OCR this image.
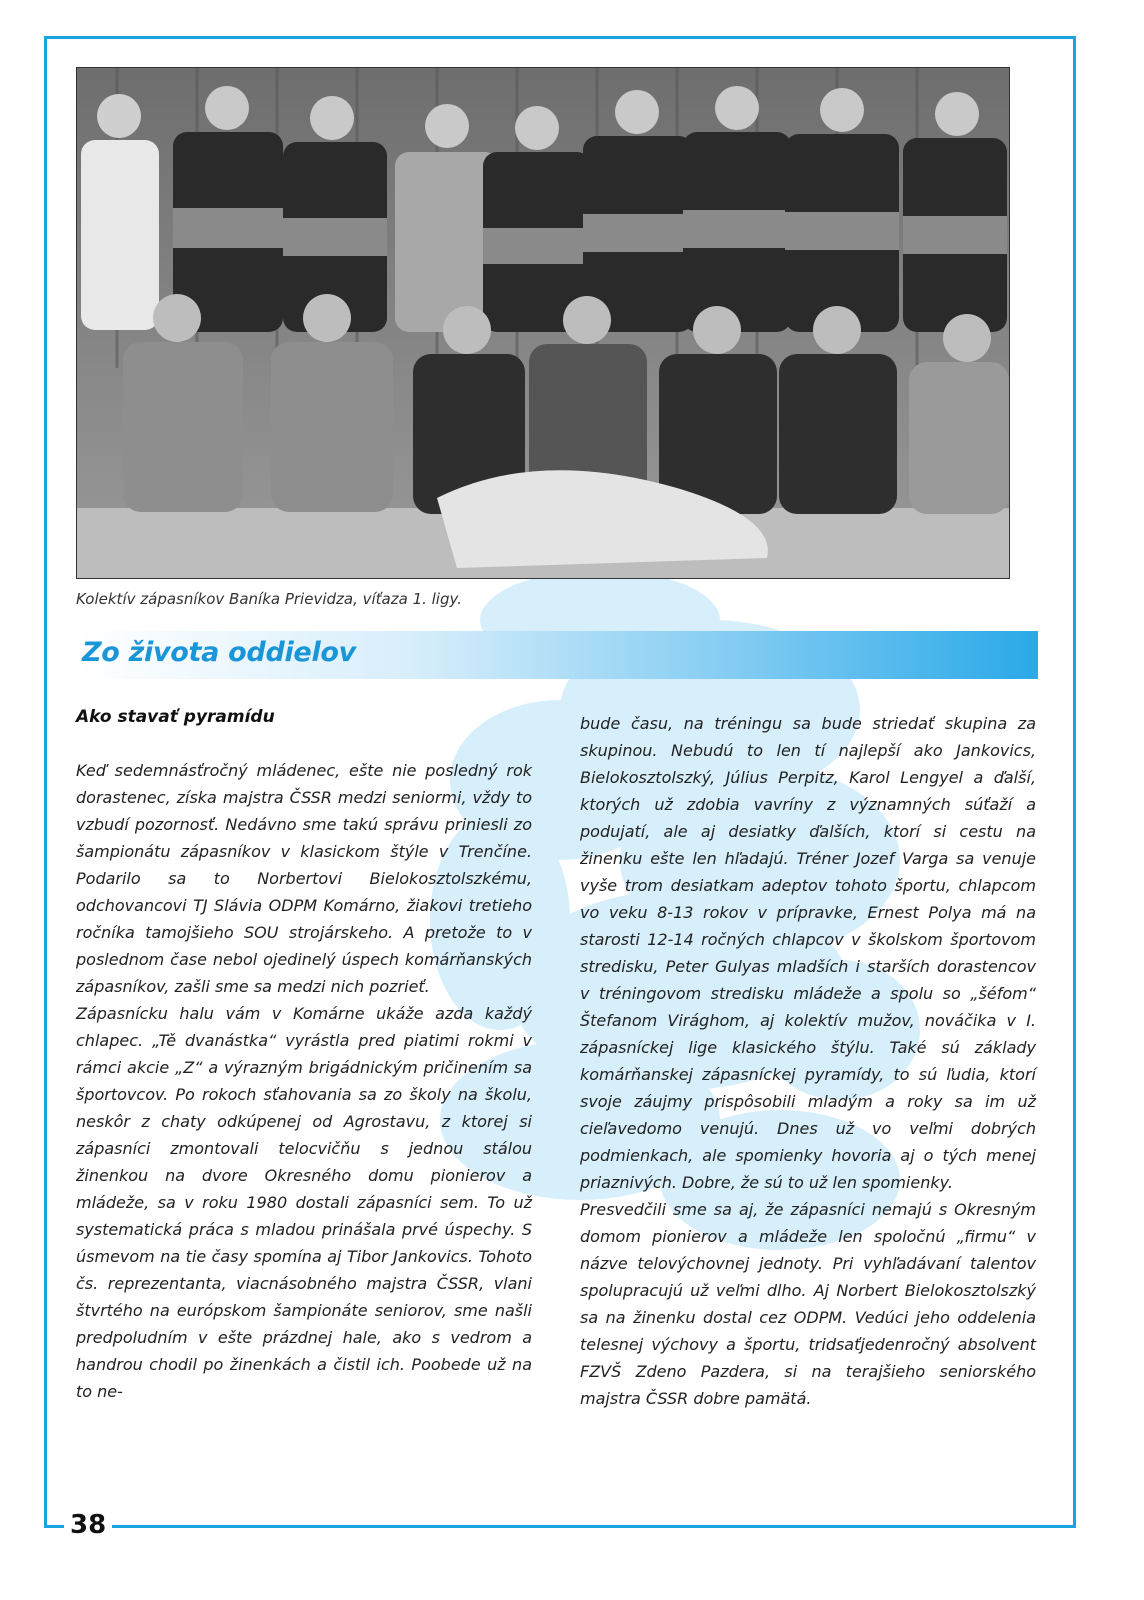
Kolektív zápasníkov Baníka Prievidza, víťaza 1. ligy.
Zo života oddielov
Ako stavať pyramídu

Keď sedemnásťročný mládenec, ešte nie posledný rok dorastenec, získa majstra ČSSR medzi seniormi, vždy to vzbudí pozornosť. Nedávno sme takú správu priniesli zo šampionátu zápasníkov v klasickom štýle v Trenčíne. Podarilo sa to Norbertovi Bielokosztolszkému, odchovancovi TJ Slávia ODPM Komárno, žiakovi tretieho ročníka tamojšieho SOU strojárskeho. A pretože to v poslednom čase nebol ojedinelý úspech komárňanských zápasníkov, zašli sme sa medzi nich pozrieť.

Zápasnícku halu vám v Komárne ukáže azda každý chlapec. „Tě dvanástka“ vyrástla pred piatimi rokmi v rámci akcie „Z“ a výrazným brigádnickým pričinením sa športovcov. Po rokoch sťahovania sa zo školy na školu, neskôr z chaty odkúpenej od Agrostavu, z ktorej si zápasníci zmontovali telocvičňu s jednou stálou žinenkou na dvore Okresného domu pionierov a mládeže, sa v roku 1980 dostali zápasníci sem. To už systematická práca s mladou prinášala prvé úspechy. S úsmevom na tie časy spomína aj Tibor Jankovics. Tohoto čs. reprezentanta, viacnásobného majstra ČSSR, vlani štvrtého na európskom šampionáte seniorov, sme našli predpoludním v ešte prázdnej hale, ako s vedrom a handrou chodil po žinenkách a čistil ich. Poobede už na to ne-

bude času, na tréningu sa bude striedať skupina za skupinou. Nebudú to len tí najlepší ako Jankovics, Bielokosztolszký, Július Perpitz, Karol Lengyel a ďalší, ktorých už zdobia vavríny z významných súťaží a podujatí, ale aj desiatky ďalších, ktorí si cestu na žinenku ešte len hľadajú. Tréner Jozef Varga sa venuje vyše trom desiatkam adeptov tohoto športu, chlapcom vo veku 8-13 rokov v prípravke, Ernest Polya má na starosti 12-14 ročných chlapcov v školskom športovom stredisku, Peter Gulyas mladších i starších dorastencov v tréningovom stredisku mládeže a spolu so „šéfom“ Štefanom Virághom, aj kolektív mužov, nováčika v I. zápasníckej lige klasického štýlu. Také sú základy komárňanskej zápasníckej pyramídy, to sú ľudia, ktorí svoje záujmy prispôsobili mladým a roky sa im už cieľavedomo venujú. Dnes už vo veľmi dobrých podmienkach, ale spomienky hovoria aj o tých menej priaznivých. Dobre, že sú to už len spomienky.

Presvedčili sme sa aj, že zápasníci nemajú s Okresným domom pionierov a mládeže len spoločnú „firmu“ v názve telovýchovnej jednoty. Pri vyhľadávaní talentov spolupracujú už veľmi dlho. Aj Norbert Bielokosztolszký sa na žinenku dostal cez ODPM. Vedúci jeho oddelenia telesnej výchovy a športu, tridsaťjedenročný absolvent FZVŠ Zdeno Pazdera, si na terajšieho seniorského majstra ČSSR dobre pamätá.

38
